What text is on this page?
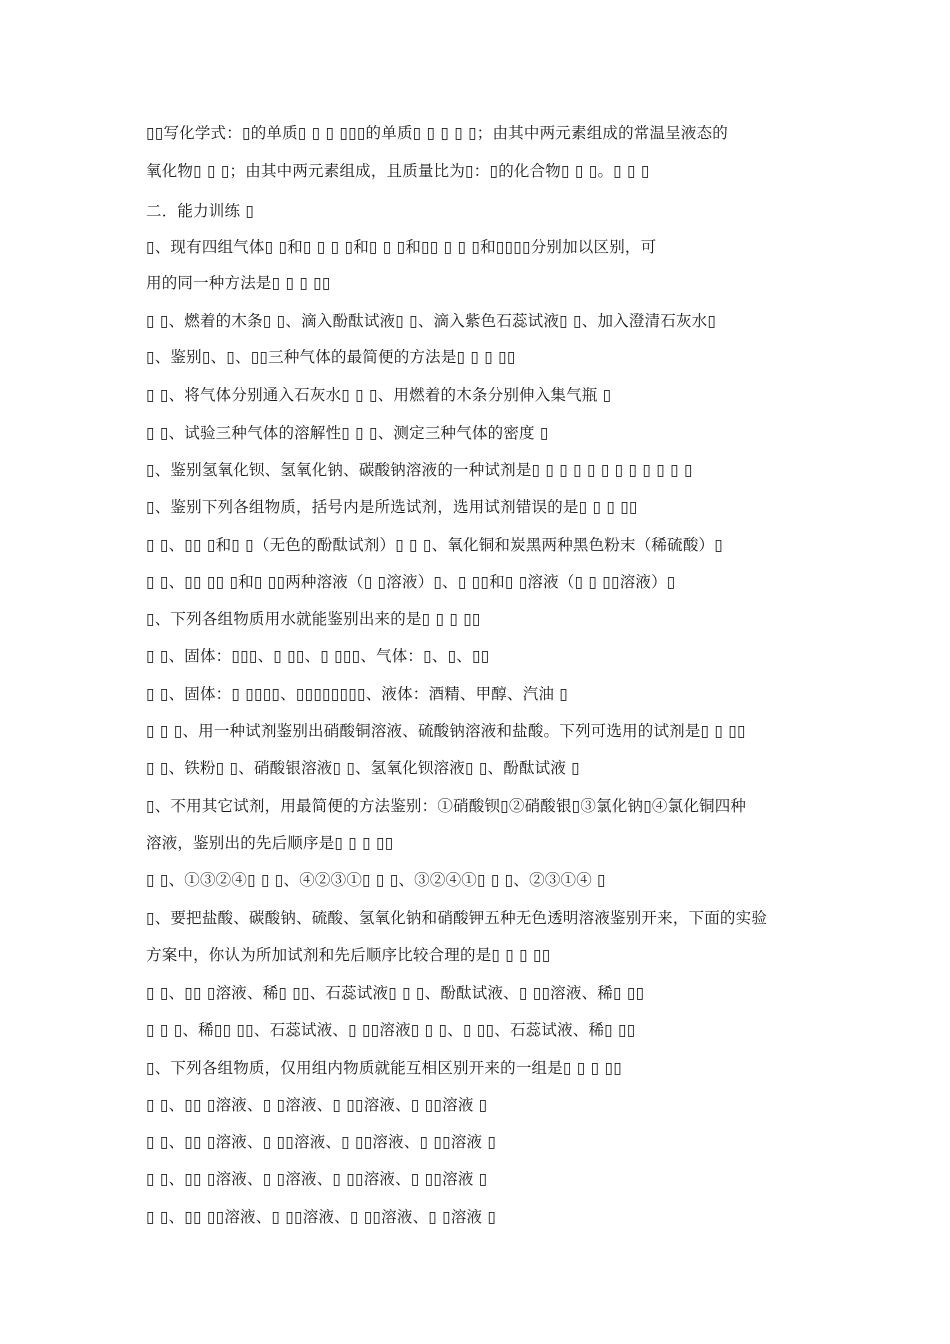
▯▯写化学式：▯的单质▯ ▯ ▯ ▯▯▯的单质▯ ▯ ▯ ▯ ▯；由其中两元素组成的常温呈液态的
氧化物▯ ▯ ▯；由其中两元素组成，且质量比为▯：▯的化合物▯ ▯ ▯。▯ ▯ ▯
二．能力训练 ▯
▯、现有四组气体▯ ▯和▯ ▯ ▯ ▯和▯ ▯ ▯和▯▯ ▯ ▯ ▯和▯▯▯▯分别加以区别，可
用的同一种方法是▯ ▯ ▯ ▯▯
▯ ▯、燃着的木条▯ ▯、滴入酚酞试液▯ ▯、滴入紫色石蕊试液▯ ▯、加入澄清石灰水▯
▯、鉴别▯、▯、▯▯三种气体的最简便的方法是▯ ▯ ▯ ▯▯
▯ ▯、将气体分别通入石灰水▯ ▯ ▯、用燃着的木条分别伸入集气瓶 ▯
▯ ▯、试验三种气体的溶解性▯ ▯ ▯、测定三种气体的密度 ▯
▯、鉴别氢氧化钡、氢氧化钠、碳酸钠溶液的一种试剂是▯ ▯ ▯ ▯ ▯ ▯ ▯ ▯ ▯ ▯ ▯ ▯
▯、鉴别下列各组物质，括号内是所选试剂，选用试剂错误的是▯ ▯ ▯ ▯▯
▯ ▯、▯▯ ▯和▯ ▯（无色的酚酞试剂）▯ ▯ ▯、氧化铜和炭黑两种黑色粉末（稀硫酸）▯
▯ ▯、▯▯ ▯▯ ▯和▯ ▯▯两种溶液（▯ ▯溶液）▯、▯ ▯▯和▯ ▯溶液（▯ ▯ ▯▯溶液）▯
▯、下列各组物质用水就能鉴别出来的是▯ ▯ ▯ ▯▯
▯ ▯、固体：▯▯▯、▯ ▯▯、▯ ▯▯▯、气体：▯、▯、▯▯
▯ ▯、固体：▯ ▯▯▯▯、▯▯▯▯▯▯▯▯、液体：酒精、甲醇、汽油 ▯
▯ ▯ ▯、用一种试剂鉴别出硝酸铜溶液、硫酸钠溶液和盐酸。下列可选用的试剂是▯ ▯ ▯▯
▯ ▯、铁粉▯ ▯、硝酸银溶液▯ ▯、氢氧化钡溶液▯ ▯、酚酞试液 ▯
▯、不用其它试剂，用最简便的方法鉴别：①硝酸钡▯②硝酸银▯③氯化钠▯④氯化铜四种
溶液，鉴别出的先后顺序是▯ ▯ ▯ ▯▯
▯ ▯、①③②④▯ ▯ ▯、④②③①▯ ▯ ▯、③②④①▯ ▯ ▯、②③①④ ▯
▯、要把盐酸、碳酸钠、硫酸、氢氧化钠和硝酸钾五种无色透明溶液鉴别开来，下面的实验
方案中，你认为所加试剂和先后顺序比较合理的是▯ ▯ ▯ ▯▯
▯ ▯、▯▯ ▯溶液、稀▯ ▯▯、石蕊试液▯ ▯ ▯、酚酞试液、▯ ▯▯溶液、稀▯ ▯▯
▯ ▯ ▯、稀▯▯ ▯▯、石蕊试液、▯ ▯▯溶液▯ ▯ ▯、▯ ▯▯、石蕊试液、稀▯ ▯▯
▯、下列各组物质，仅用组内物质就能互相区别开来的一组是▯ ▯ ▯ ▯▯
▯ ▯、▯▯ ▯溶液、▯ ▯溶液、▯ ▯▯溶液、▯ ▯▯溶液 ▯
▯ ▯、▯▯ ▯溶液、▯ ▯▯溶液、▯ ▯▯溶液、▯ ▯▯溶液 ▯
▯ ▯、▯▯ ▯溶液、▯ ▯溶液、▯ ▯▯溶液、▯ ▯▯溶液 ▯
▯ ▯、▯▯ ▯▯溶液、▯ ▯▯溶液、▯ ▯▯溶液、▯ ▯溶液 ▯
